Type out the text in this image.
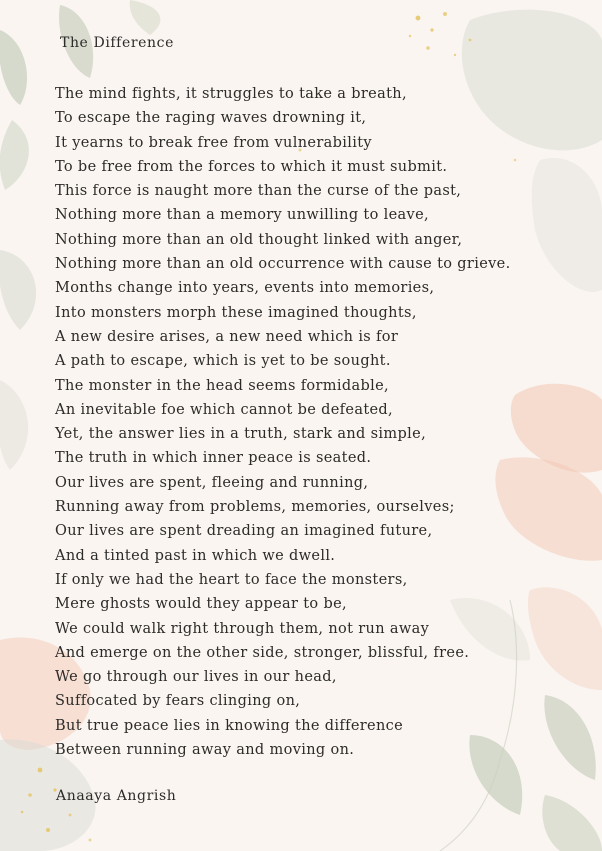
The Difference
The mind fights, it struggles to take a breath,
To escape the raging waves drowning it,
It yearns to break free from vulnerability
To be free from the forces to which it must submit.
This force is naught more than the curse of the past,
Nothing more than a memory unwilling to leave,
Nothing more than an old thought linked with anger,
Nothing more than an old occurrence with cause to grieve.
Months change into years, events into memories,
Into monsters morph these imagined thoughts,
A new desire arises, a new need which is for
A path to escape, which is yet to be sought.
The monster in the head seems formidable,
An inevitable foe which cannot be defeated,
Yet, the answer lies in a truth, stark and simple,
The truth in which inner peace is seated.
Our lives are spent, fleeing and running,
Running away from problems, memories, ourselves;
Our lives are spent dreading an imagined future,
And a tinted past in which we dwell.
If only we had the heart to face the monsters,
Mere ghosts would they appear to be,
We could walk right through them, not run away
And emerge on the other side, stronger, blissful, free.
We go through our lives in our head,
Suffocated by fears clinging on,
But true peace lies in knowing the difference
Between running away and moving on.

Anaaya Angrish
